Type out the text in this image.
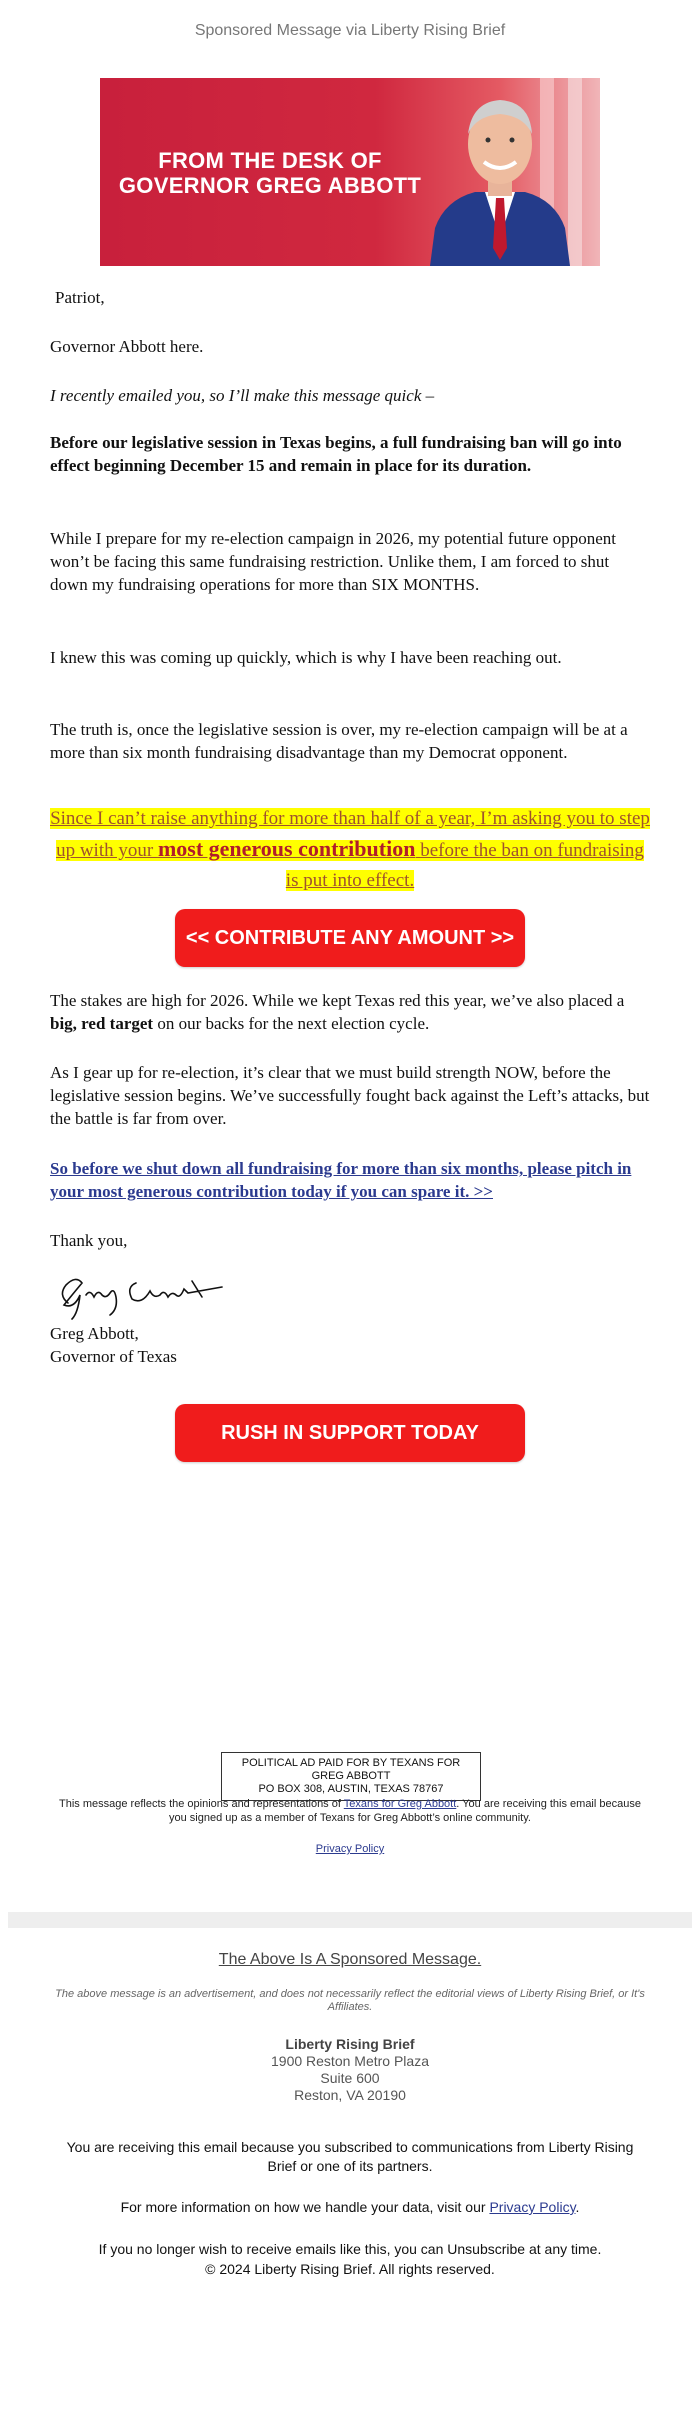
Sponsored Message via Liberty Rising Brief
FROM THE DESK OF
GOVERNOR GREG ABBOTT
Patriot,
Governor Abbott here.
I recently emailed you, so I’ll make this message quick –
Before our legislative session in Texas begins, a full fundraising ban will go into effect beginning December 15 and remain in place for its duration.
While I prepare for my re-election campaign in 2026, my potential future opponent won’t be facing this same fundraising restriction. Unlike them, I am forced to shut down my fundraising operations for more than SIX MONTHS.
I knew this was coming up quickly, which is why I have been reaching out.
The truth is, once the legislative session is over, my re-election campaign will be at a more than six month fundraising disadvantage than my Democrat opponent.
Since I can’t raise anything for more than half of a year, I’m asking you to step up with your most generous contribution before the ban on fundraising is put into effect.
<< CONTRIBUTE ANY AMOUNT >>
The stakes are high for 2026. While we kept Texas red this year, we’ve also placed a big, red target on our backs for the next election cycle.
As I gear up for re-election, it’s clear that we must build strength NOW, before the legislative session begins. We’ve successfully fought back against the Left’s attacks, but the battle is far from over.
So before we shut down all fundraising for more than six months, please pitch in your most generous contribution today if you can spare it. >>
Thank you,
Greg Abbott,
Governor of Texas
RUSH IN SUPPORT TODAY
POLITICAL AD PAID FOR BY TEXANS FOR
GREG ABBOTT
PO BOX 308, AUSTIN, TEXAS 78767
This message reflects the opinions and representations of Texans for Greg Abbott. You are receiving this email because you signed up as a member of Texans for Greg Abbott’s online community.
Privacy Policy
The Above Is A Sponsored Message.
The above message is an advertisement, and does not necessarily reflect the editorial views of Liberty Rising Brief, or It's Affiliates.
Liberty Rising Brief
1900 Reston Metro Plaza
Suite 600
Reston, VA 20190
You are receiving this email because you subscribed to communications from Liberty Rising Brief or one of its partners.
For more information on how we handle your data, visit our Privacy Policy.
If you no longer wish to receive emails like this, you can Unsubscribe at any time.
© 2024 Liberty Rising Brief. All rights reserved.
